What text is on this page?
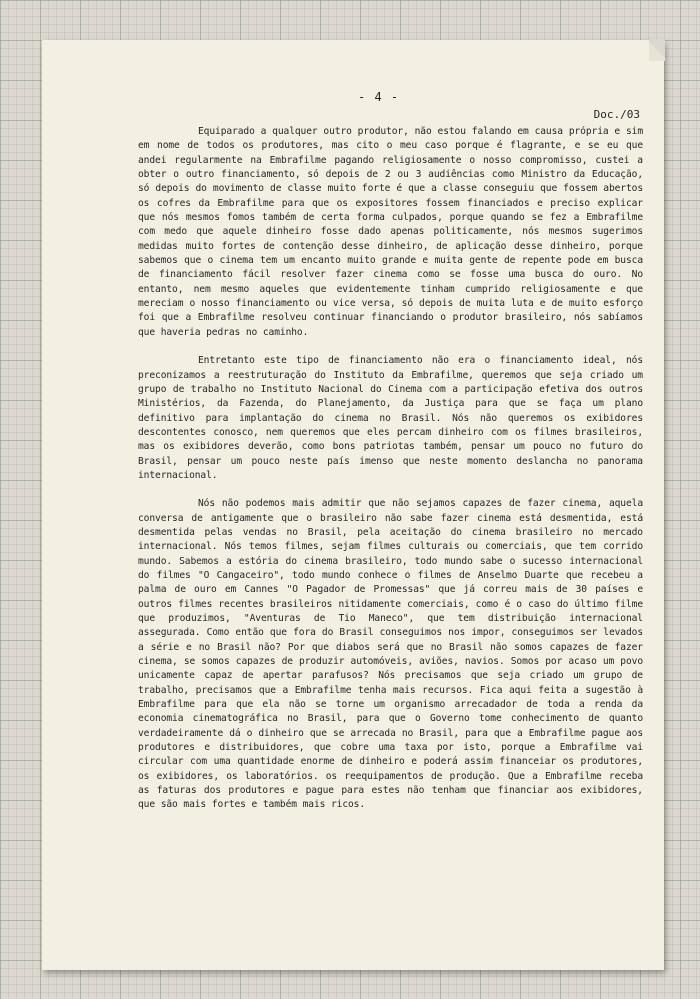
- 4 -
Doc./03

Equiparado a qualquer outro produtor, não estou falando em causa própria e sim em nome de todos os produtores, mas cito o meu caso porque é flagrante, e se eu que andei regularmente na Embrafilme pagando religiosamente o nosso compromisso, custei a obter o outro financiamento, só depois de 2 ou 3 audiências como Ministro da Educação, só depois do movimento de classe muito forte é que a classe conseguiu que fossem abertos os cofres da Embrafilme para que os expositores fossem financiados e preciso explicar que nós mesmos fomos também de certa forma culpados, porque quando se fez a Embrafilme com medo que aquele dinheiro fosse dado apenas politicamente, nós mesmos sugerimos medidas muito fortes de contenção desse dinheiro, de aplicação desse dinheiro, porque sabemos que o cinema tem um encanto muito grande e muita gente de repente pode em busca de financiamento fácil resolver fazer cinema como se fosse uma busca do ouro. No entanto, nem mesmo aqueles que evidentemente tinham cumprido religiosamente e que mereciam o nosso financiamento ou vice versa, só depois de muita luta e de muito esforço foi que a Embrafilme resolveu continuar financiando o produtor brasileiro, nós sabíamos que haveria pedras no caminho.

Entretanto este tipo de financiamento não era o financiamento ideal, nós preconizamos a reestruturação do Instituto da Embrafilme, queremos que seja criado um grupo de trabalho no Instituto Nacional do Cinema com a participação efetiva dos outros Ministérios, da Fazenda, do Planejamento, da Justiça para que se faça um plano definitivo para implantação do cinema no Brasil. Nós não queremos os exibidores descontentes conosco, nem queremos que eles percam dinheiro com os filmes brasileiros, mas os exibidores deverão, como bons patriotas também, pensar um pouco no futuro do Brasil, pensar um pouco neste país imenso que neste momento deslancha no panorama internacional.

Nós não podemos mais admitir que não sejamos capazes de fazer cinema, aquela conversa de antigamente que o brasileiro não sabe fazer cinema está desmentida, está desmentida pelas vendas no Brasil, pela aceitação do cinema brasileiro no mercado internacional. Nós temos filmes, sejam filmes culturais ou comerciais, que tem corrido mundo. Sabemos a estória do cinema brasileiro, todo mundo sabe o sucesso internacional do filmes "O Cangaceiro", todo mundo conhece o filmes de Anselmo Duarte que recebeu a palma de ouro em Cannes "O Pagador de Promessas" que já correu mais de 30 países e outros filmes recentes brasileiros nitidamente comerciais, como é o caso do último filme que produzimos, "Aventuras de Tio Maneco", que tem distribuição internacional assegurada. Como então que fora do Brasil conseguimos nos impor, conseguimos ser levados a série e no Brasil não? Por que diabos será que no Brasil não somos capazes de fazer cinema, se somos capazes de produzir automóveis, aviões, navios. Somos por acaso um povo unicamente capaz de apertar parafusos? Nós precisamos que seja criado um grupo de trabalho, precisamos que a Embrafilme tenha mais recursos. Fica aqui feita a sugestão à Embrafilme para que ela não se torne um organismo arrecadador de toda a renda da economia cinematográfica no Brasil, para que o Governo tome conhecimento de quanto verdadeiramente dá o dinheiro que se arrecada no Brasil, para que a Embrafilme pague aos produtores e distribuidores, que cobre uma taxa por isto, porque a Embrafilme vai circular com uma quantidade enorme de dinheiro e poderá assim financeiar os produtores, os exibidores, os laboratórios. os reequipamentos de produção. Que a Embrafilme receba as faturas dos produtores e pague para estes não tenham que financiar aos exibidores, que são mais fortes e também mais ricos.
